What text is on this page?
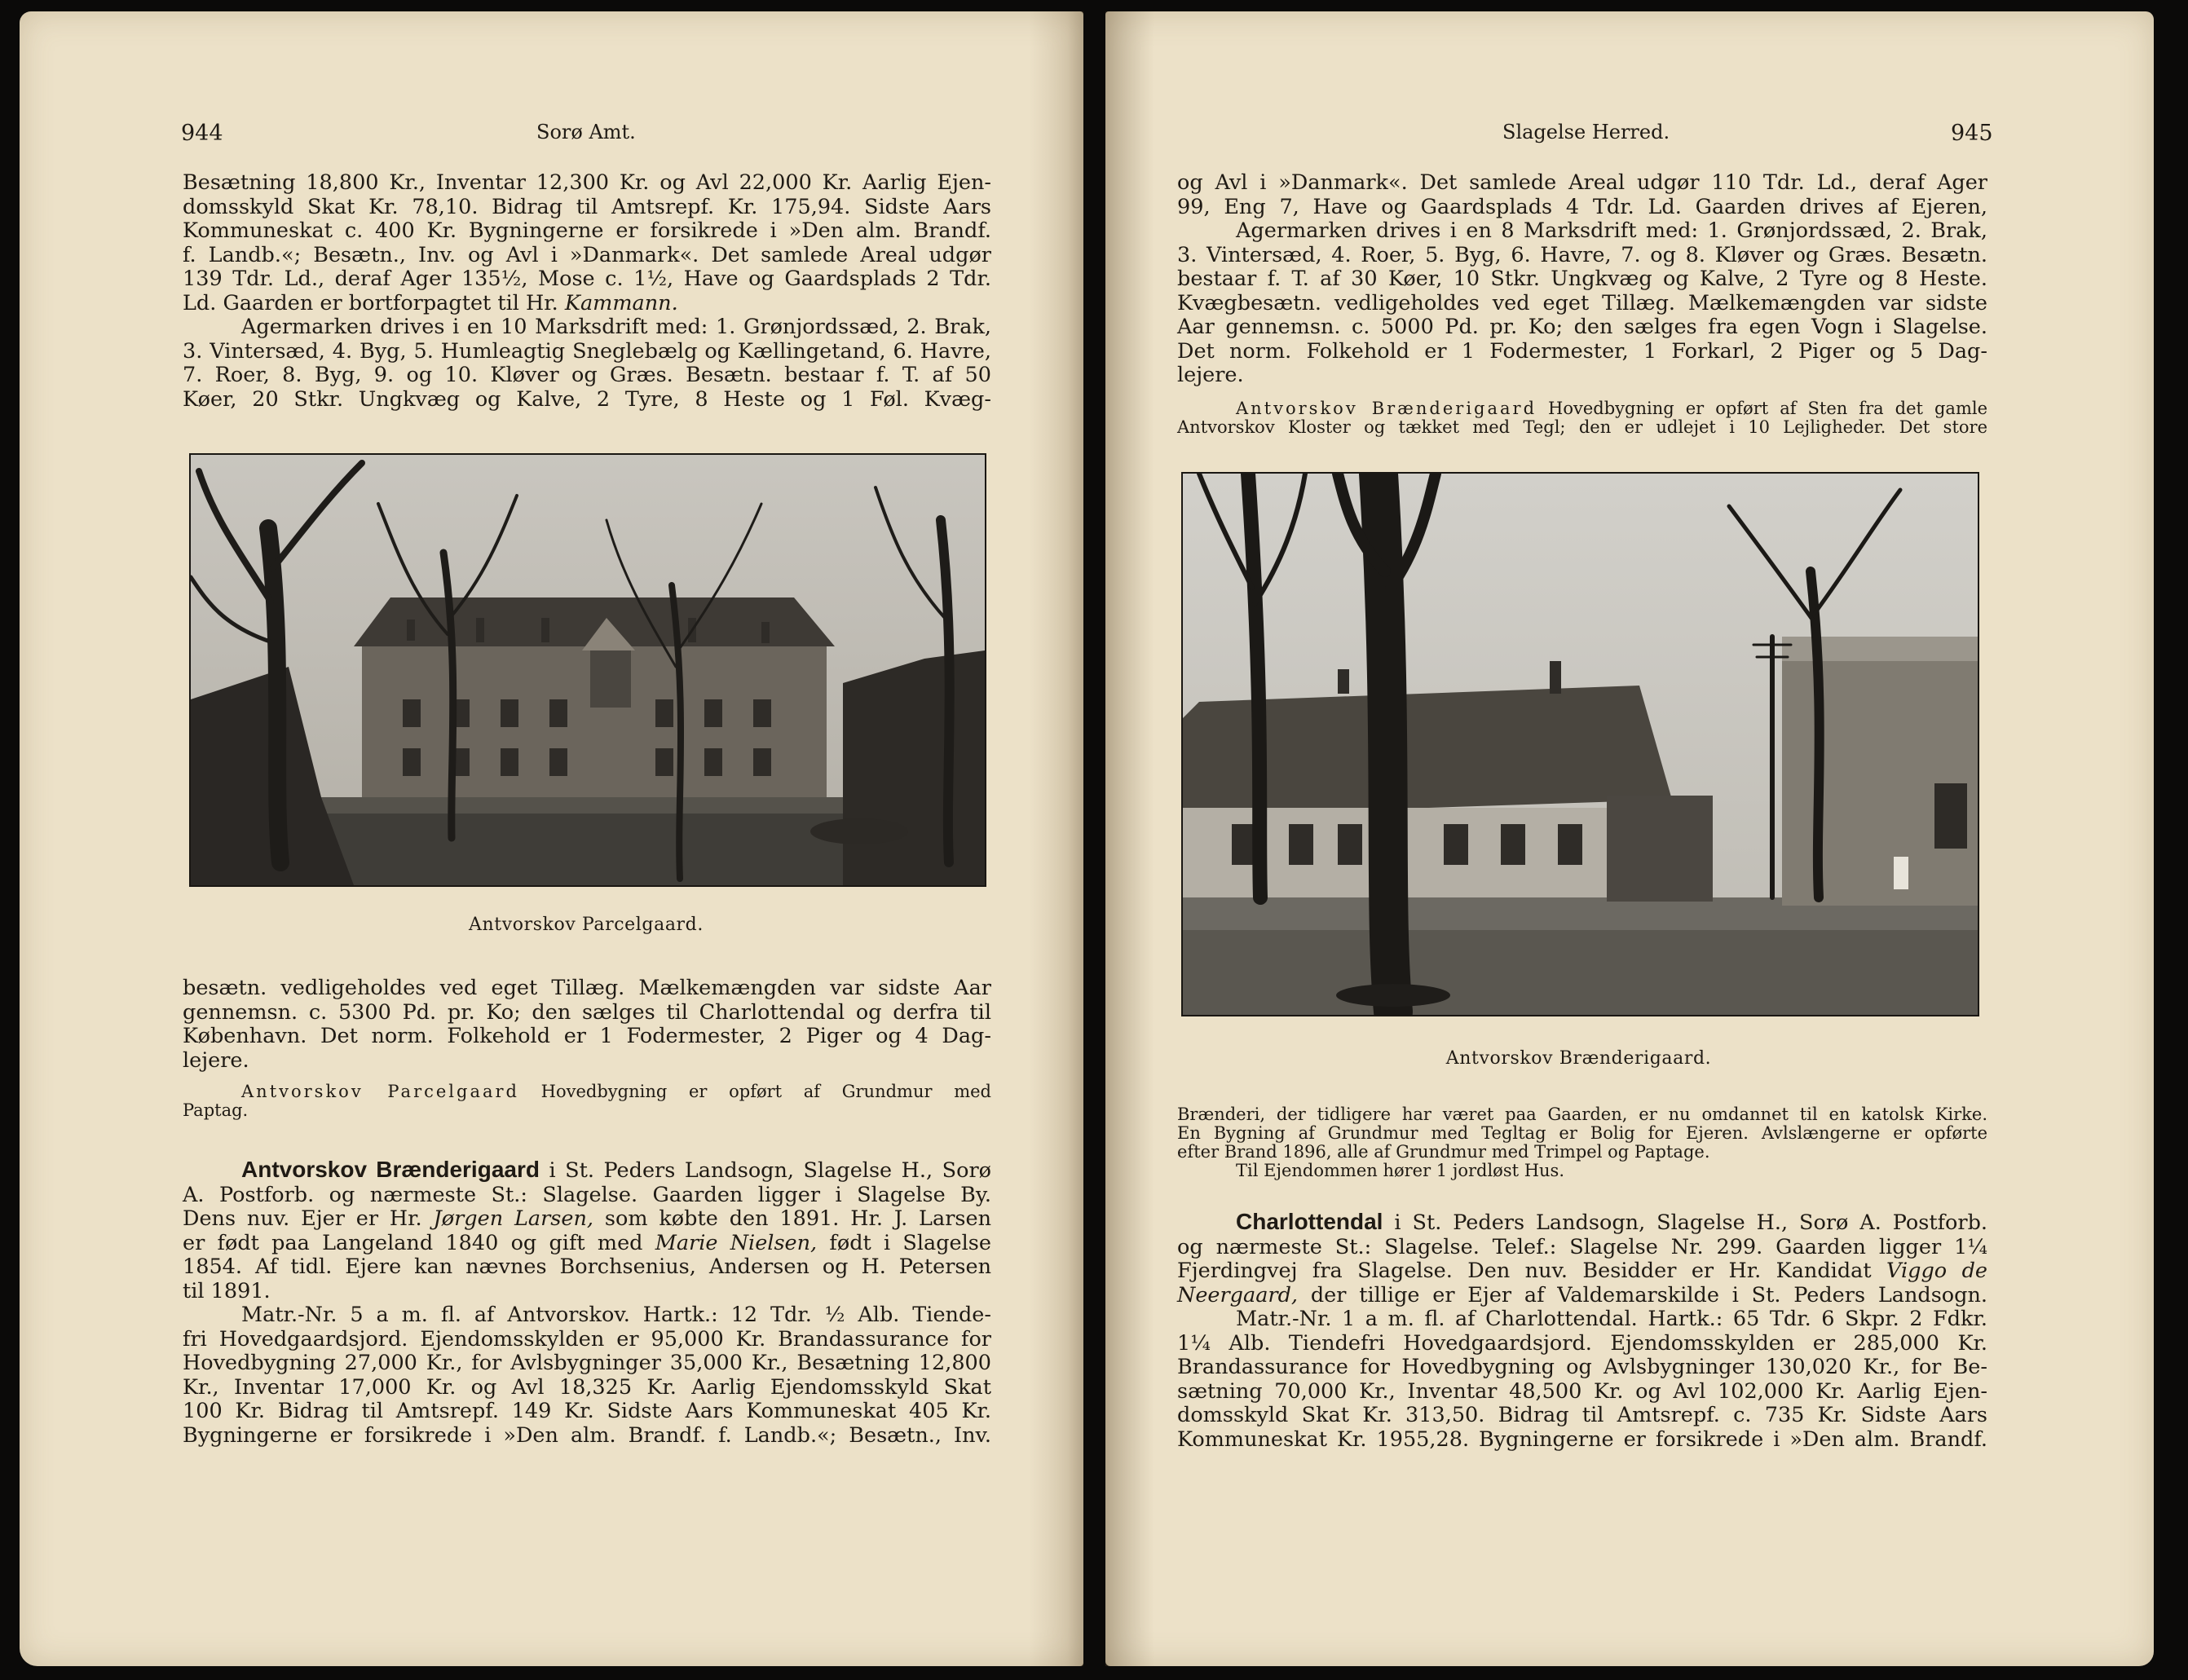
944	Sorø Amt.

Besætning 18,800 Kr., Inventar 12,300 Kr. og Avl 22,000 Kr. Aarlig Ejen-

domsskyld Skat Kr. 78,10. Bidrag til Amtsrepf. Kr. 175,94. Sidste Aars

Kommuneskat c. 400 Kr. Bygningerne er forsikrede i »Den alm. Brandf.

f. Landb.«; Besætn., Inv. og Avl i »Danmark«. Det samlede Areal udgør

139 Tdr. Ld., deraf Ager 135½, Mose c. 1½, Have og Gaardsplads 2 Tdr.

Ld. Gaarden er bortforpagtet til Hr. Kammann.

Agermarken drives i en 10 Marksdrift med: 1. Grønjordssæd, 2. Brak,

3. Vintersæd, 4. Byg, 5. Humleagtig Sneglebælg og Kællingetand, 6. Havre,

7. Roer, 8. Byg, 9. og 10. Kløver og Græs. Besætn. bestaar f. T. af 50

Køer, 20 Stkr. Ungkvæg og Kalve, 2 Tyre, 8 Heste og 1 Føl. Kvæg-

Antvorskov Parcelgaard.

besætn. vedligeholdes ved eget Tillæg. Mælkemængden var sidste Aar

gennemsn. c. 5300 Pd. pr. Ko; den sælges til Charlottendal og derfra til

København. Det norm. Folkehold er 1 Fodermester, 2 Piger og 4 Dag-

lejere.

Antvorskov Parcelgaard Hovedbygning er opført af Grundmur med

Paptag.

Antvorskov Brænderigaard i St. Peders Landsogn, Slagelse H., Sorø

A. Postforb. og nærmeste St.: Slagelse. Gaarden ligger i Slagelse By.

Dens nuv. Ejer er Hr. Jørgen Larsen, som købte den 1891. Hr. J. Larsen

er født paa Langeland 1840 og gift med Marie Nielsen, født i Slagelse

1854. Af tidl. Ejere kan nævnes Borchsenius, Andersen og H. Petersen

til 1891.

Matr.-Nr. 5 a m. fl. af Antvorskov. Hartk.: 12 Tdr. ½ Alb. Tiende-

fri Hovedgaardsjord. Ejendomsskylden er 95,000 Kr. Brandassurance for

Hovedbygning 27,000 Kr., for Avlsbygninger 35,000 Kr., Besætning 12,800

Kr., Inventar 17,000 Kr. og Avl 18,325 Kr. Aarlig Ejendomsskyld Skat

100 Kr. Bidrag til Amtsrepf. 149 Kr. Sidste Aars Kommuneskat 405 Kr.

Bygningerne er forsikrede i »Den alm. Brandf. f. Landb.«; Besætn., Inv.

Slagelse Herred.	945

og Avl i »Danmark«. Det samlede Areal udgør 110 Tdr. Ld., deraf Ager

99, Eng 7, Have og Gaardsplads 4 Tdr. Ld. Gaarden drives af Ejeren,

Agermarken drives i en 8 Marksdrift med: 1. Grønjordssæd, 2. Brak,

3. Vintersæd, 4. Roer, 5. Byg, 6. Havre, 7. og 8. Kløver og Græs. Besætn.

bestaar f. T. af 30 Køer, 10 Stkr. Ungkvæg og Kalve, 2 Tyre og 8 Heste.

Kvægbesætn. vedligeholdes ved eget Tillæg. Mælkemængden var sidste

Aar gennemsn. c. 5000 Pd. pr. Ko; den sælges fra egen Vogn i Slagelse.

Det norm. Folkehold er 1 Fodermester, 1 Forkarl, 2 Piger og 5 Dag-

lejere.

Antvorskov Brænderigaard Hovedbygning er opført af Sten fra det gamle

Antvorskov Kloster og tækket med Tegl; den er udlejet i 10 Lejligheder. Det store

Antvorskov Brænderigaard.

Brænderi, der tidligere har været paa Gaarden, er nu omdannet til en katolsk Kirke.

En Bygning af Grundmur med Tegltag er Bolig for Ejeren. Avlslængerne er opførte

efter Brand 1896, alle af Grundmur med Trimpel og Paptage.

Til Ejendommen hører 1 jordløst Hus.

Charlottendal i St. Peders Landsogn, Slagelse H., Sorø A. Postforb.

og nærmeste St.: Slagelse. Telef.: Slagelse Nr. 299. Gaarden ligger 1¼

Fjerdingvej fra Slagelse. Den nuv. Besidder er Hr. Kandidat Viggo de

Neergaard, der tillige er Ejer af Valdemarskilde i St. Peders Landsogn.

Matr.-Nr. 1 a m. fl. af Charlottendal. Hartk.: 65 Tdr. 6 Skpr. 2 Fdkr.

1¼ Alb. Tiendefri Hovedgaardsjord. Ejendomsskylden er 285,000 Kr.

Brandassurance for Hovedbygning og Avlsbygninger 130,020 Kr., for Be-

sætning 70,000 Kr., Inventar 48,500 Kr. og Avl 102,000 Kr. Aarlig Ejen-

domsskyld Skat Kr. 313,50. Bidrag til Amtsrepf. c. 735 Kr. Sidste Aars

Kommuneskat Kr. 1955,28. Bygningerne er forsikrede i »Den alm. Brandf.
